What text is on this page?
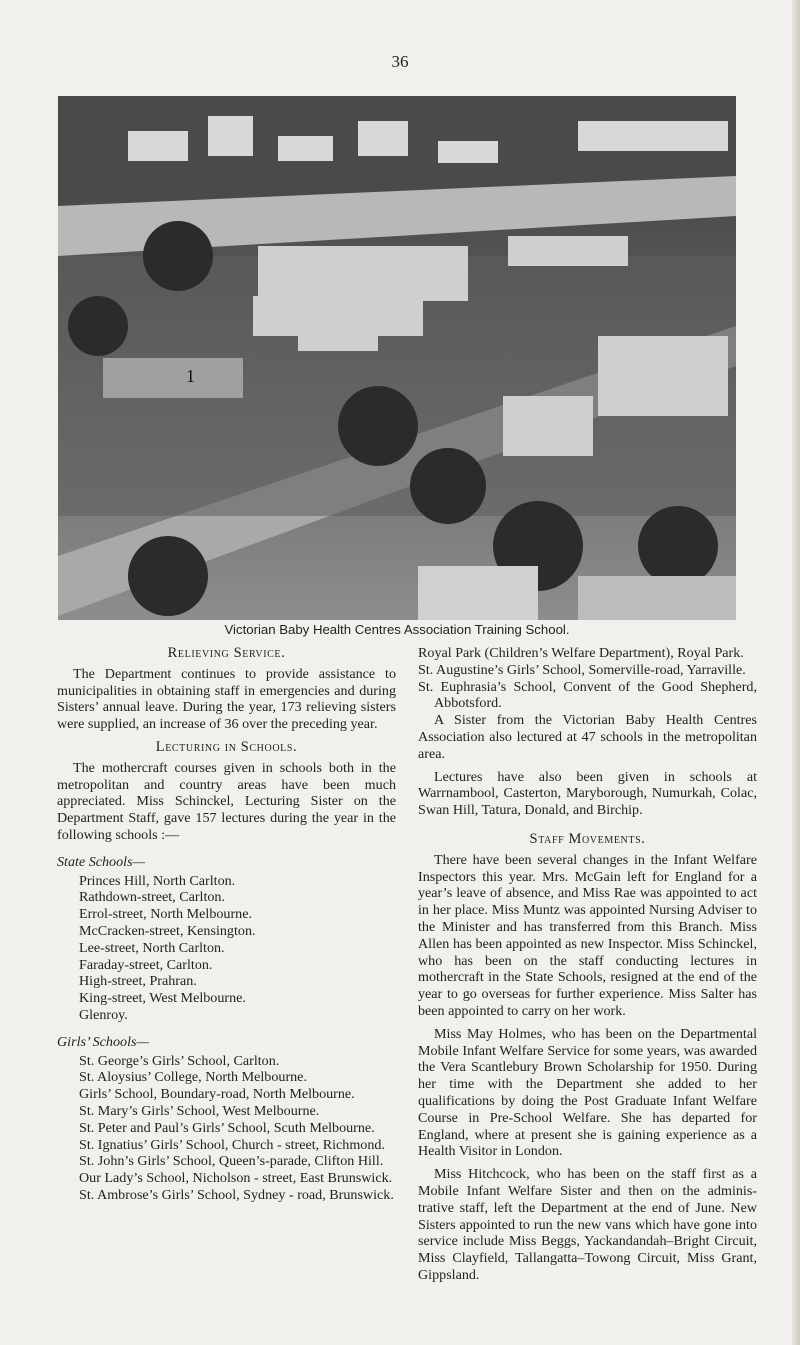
36
1
Victorian Baby Health Centres Association Training School.
Relieving Service.

The Department continues to provide assistance to municipalities in obtaining staff in emergencies and during Sisters’ annual leave. During the year, 173 relieving sisters were supplied, an increase of 36 over the preceding year.

Lecturing in Schools.

The mothercraft courses given in schools both in the metropolitan and country areas have been much appreciated. Miss Schinckel, Lecturing Sister on the Department Staff, gave 157 lectures during the year in the following schools :—

State Schools—
Princes Hill, North Carlton.
Rathdown-street, Carlton.
Errol-street, North Melbourne.
McCracken-street, Kensington.
Lee-street, North Carlton.
Faraday-street, Carlton.
High-street, Prahran.
King-street, West Melbourne.
Glenroy.
Girls’ Schools—
St. George’s Girls’ School, Carlton.
St. Aloysius’ College, North Melbourne.
Girls’ School, Boundary-road, North Melbourne.
St. Mary’s Girls’ School, West Melbourne.
St. Peter and Paul’s Girls’ School, Scuth Melbourne.
St. Ignatius’ Girls’ School, Church - street, Richmond.
St. John’s Girls’ School, Queen’s-parade, Clifton Hill.
Our Lady’s School, Nicholson - street, East Brunswick.
St. Ambrose’s Girls’ School, Sydney - road, Brunswick.
Royal Park (Children’s Welfare Department), Royal Park.
St. Augustine’s Girls’ School, Somerville-road, Yarraville.
St. Euphrasia’s School, Convent of the Good Shepherd, Abbotsford.

A Sister from the Victorian Baby Health Centres Association also lectured at 47 schools in the metropolitan area.

Lectures have also been given in schools at Warrnambool, Casterton, Maryborough, Numurkah, Colac, Swan Hill, Tatura, Donald, and Birchip.

Staff Movements.

There have been several changes in the Infant Welfare Inspectors this year. Mrs. McGain left for England for a year’s leave of absence, and Miss Rae was appointed to act in her place. Miss Muntz was appointed Nursing Adviser to the Minister and has transferred from this Branch. Miss Allen has been appointed as new Inspector. Miss Schinckel, who has been on the staff conducting lectures in mothercraft in the State Schools, resigned at the end of the year to go overseas for further experience. Miss Salter has been appointed to carry on her work.

Miss May Holmes, who has been on the Departmental Mobile Infant Welfare Service for some years, was awarded the Vera Scantlebury Brown Scholarship for 1950. During her time with the Department she added to her qualifications by doing the Post Graduate Infant Welfare Course in Pre-School Welfare. She has departed for England, where at present she is gaining experience as a Health Visitor in London.

Miss Hitchcock, who has been on the staff first as a Mobile Infant Welfare Sister and then on the adminis-trative staff, left the Department at the end of June. New Sisters appointed to run the new vans which have gone into service include Miss Beggs, Yackandandah–Bright Circuit, Miss Clayfield, Tallangatta–Towong Circuit, Miss Grant, Gippsland.
